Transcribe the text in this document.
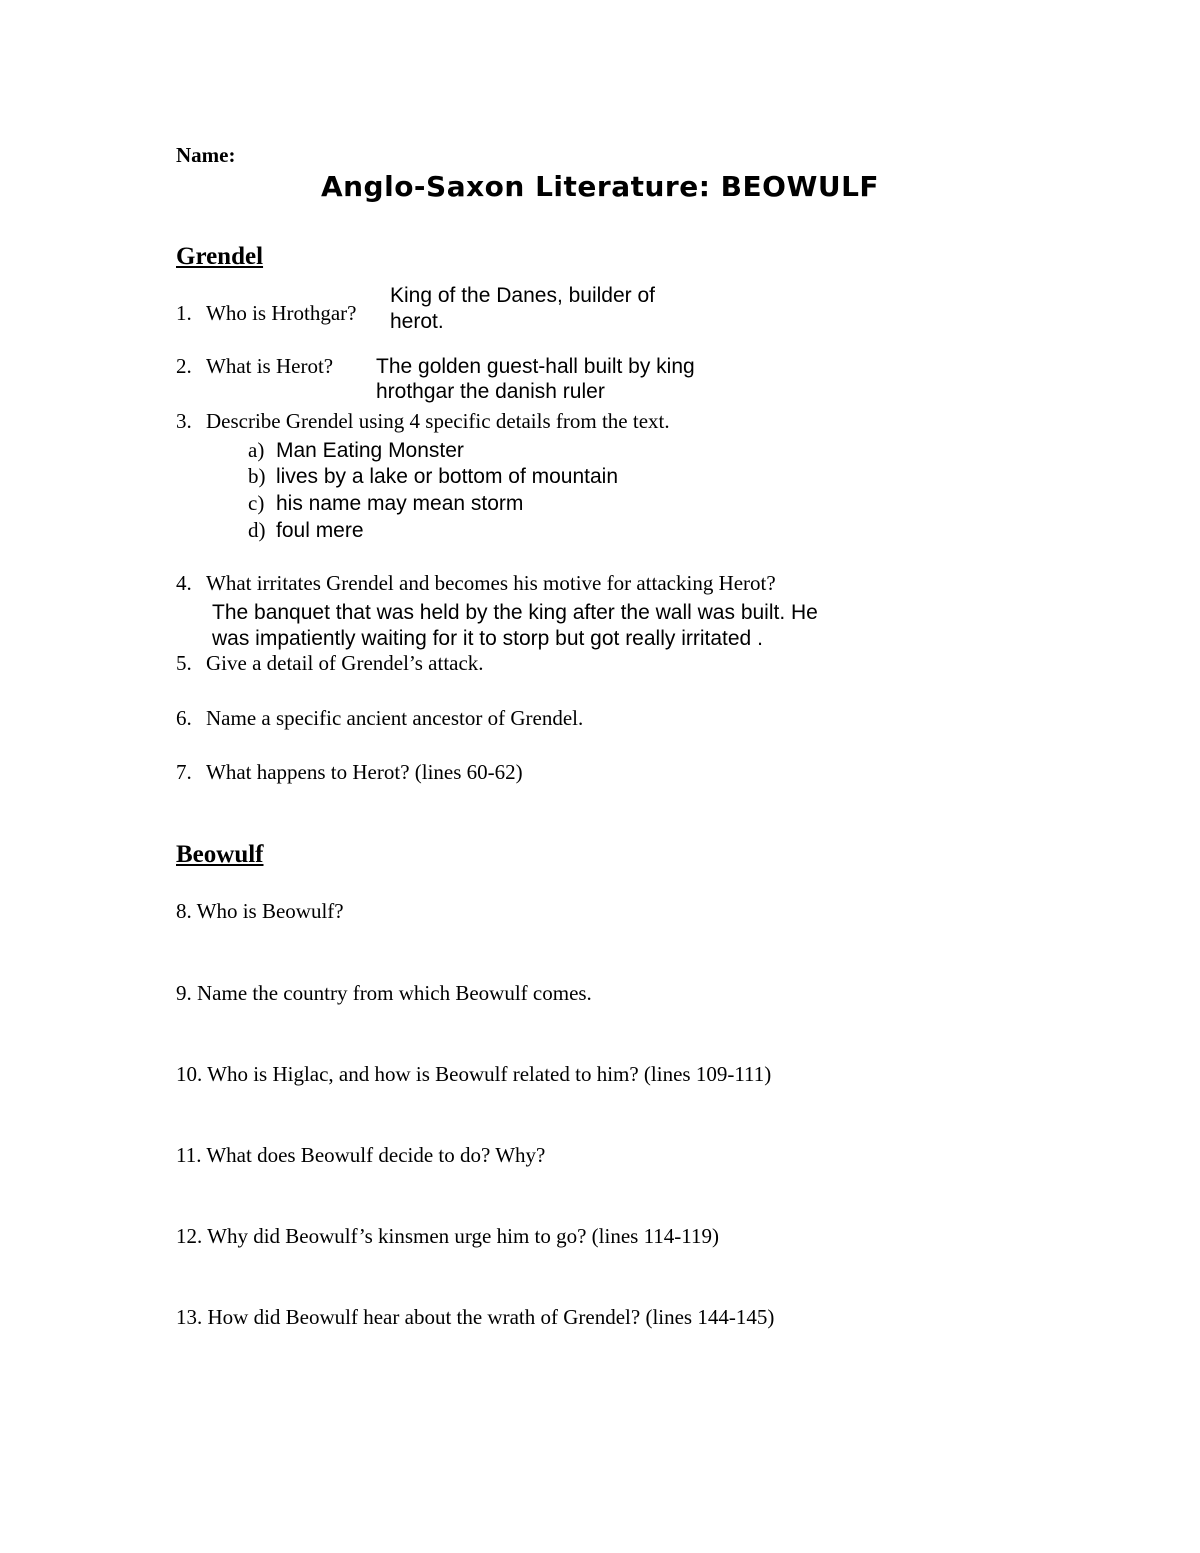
Name:
Anglo-Saxon Literature: BEOWULF
Grendel
1. Who is Hrothgar?
King of the Danes, builder of
herot.
2. What is Herot? The golden guest-hall built by king
hrothgar the danish ruler
3. Describe Grendel using 4 specific details from the text.
a) Man Eating Monster
b) lives by a lake or bottom of mountain
c) his name may mean storm
d) foul mere
4. What irritates Grendel and becomes his motive for attacking Herot?
The banquet that was held by the king after the wall was built. He
was impatiently waiting for it to storp but got really irritated .
5. Give a detail of Grendel’s attack.
6. Name a specific ancient ancestor of Grendel.
7. What happens to Herot? (lines 60-62)
Beowulf
8. Who is Beowulf?
9. Name the country from which Beowulf comes.
10. Who is Higlac, and how is Beowulf related to him? (lines 109-111)
11. What does Beowulf decide to do? Why?
12. Why did Beowulf’s kinsmen urge him to go? (lines 114-119)
13. How did Beowulf hear about the wrath of Grendel? (lines 144-145)
